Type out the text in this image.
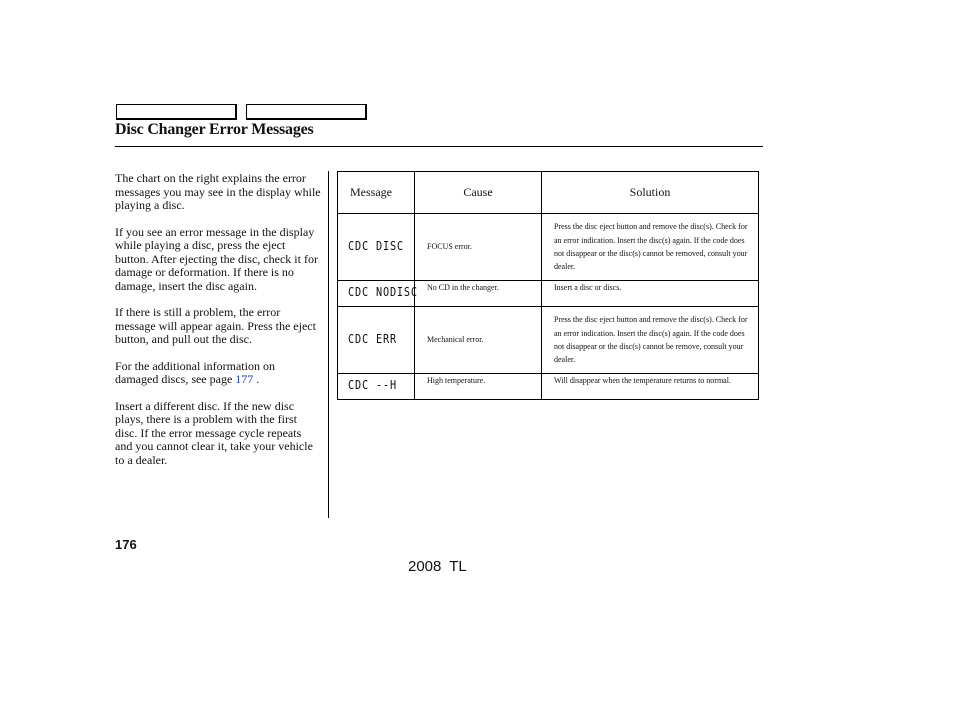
Disc Changer Error Messages

The chart on the right explains the error messages you may see in the display while playing a disc.

If you see an error message in the display while playing a disc, press the eject button. After ejecting the disc, check it for damage or deformation. If there is no damage, insert the disc again.

If there is still a problem, the error message will appear again. Press the eject button, and pull out the disc.

For the additional information on damaged discs, see page 177 .

Insert a different disc. If the new disc plays, there is a problem with the first disc. If the error message cycle repeats and you cannot clear it, take your vehicle to a dealer.

Message	Cause	Solution
CDC DISC	FOCUS error.	Press the disc eject button and remove the disc(s). Check for an error indication. Insert the disc(s) again. If the code does not disappear or the disc(s) cannot be removed, consult your dealer.
CDC NODISC	No CD in the changer.	Insert a disc or discs.
CDC ERR	Mechanical error.	Press the disc eject button and remove the disc(s). Check for an error indication. Insert the disc(s) again. If the code does not disappear or the disc(s) cannot be remove, consult your dealer.
CDC --H	High temperature.	Will disappear when the temperature returns to normal.
176
2008 TL
